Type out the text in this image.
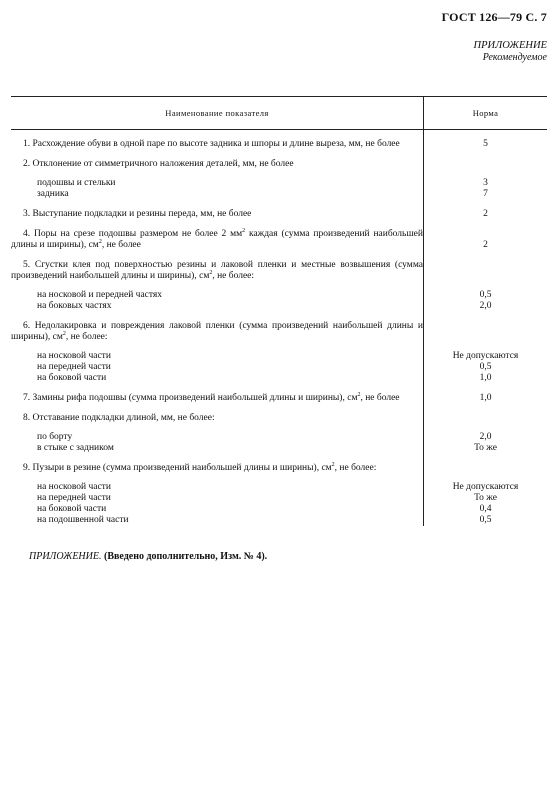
ГОСТ 126—79 С. 7
ПРИЛОЖЕНИЕ
Рекомендуемое
Наименование показателя	Норма

1. Расхождение обуви в одной паре по высоте задника и шпоры и длине выреза, мм, не более	5

2. Отклонение от симметричного наложения деталей, мм, не более	

подошвы и стельки	3

задника	7

3. Выступание подкладки и резины переда, мм, не более	2

4. Поры на срезе подошвы размером не более 2 $мм^2$ каждая (сумма произведений наибольшей длины и ширины), $см^2$, не более	2

5. Сгустки клея под поверхностью резины и лаковой пленки и местные возвышения (сумма произведений наибольшей длины и ширины), $см^2$, не более:	

на носковой и передней частях	0,5

на боковых частях	2,0

6. Недолакировка и повреждения лаковой пленки (сумма произведений наибольшей длины и ширины), $см^2$, не более:	

на носковой части	Не допускаются

на передней части	0,5

на боковой части	1,0

7. Замины рифа подошвы (сумма произведений наибольшей длины и ширины), $см^2$, не более	1,0

8. Отставание подкладки длиной, мм, не более:	

по борту	2,0

в стыке с задником	То же

9. Пузыри в резине (сумма произведений наибольшей длины и ширины), $см^2$, не более:	

на носковой части	Не допускаются

на передней части	То же

на боковой части	0,4

на подошвенной части	0,5
ПРИЛОЖЕНИЕ. (Введено дополнительно, Изм. № 4).
